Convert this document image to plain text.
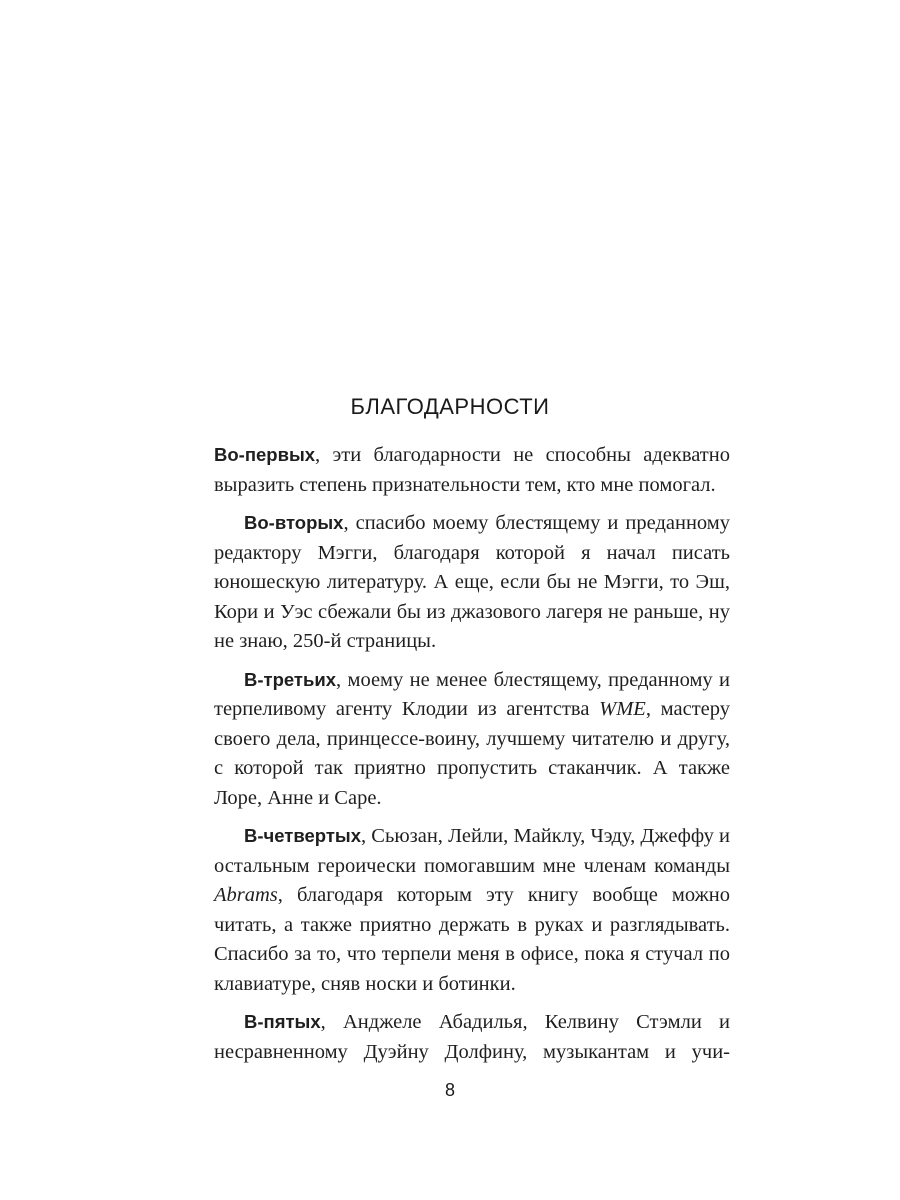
БЛАГОДАРНОСТИ

Во-первых, эти благодарности не способны адекватно выразить степень признательности тем, кто мне помогал.

Во-вторых, спасибо моему блестящему и преданному редактору Мэгги, благодаря которой я начал писать юношескую литературу. А еще, если бы не Мэгги, то Эш, Кори и Уэс сбежали бы из джазового лагеря не раньше, ну не знаю, 250-й страницы.

В-третьих, моему не менее блестящему, преданному и терпеливому агенту Клодии из агентства WME, мастеру своего дела, принцессе-воину, лучшему читателю и другу, с которой так приятно пропустить стаканчик. А также Лоре, Анне и Саре.

В-четвертых, Сьюзан, Лейли, Майклу, Чэду, Джеффу и остальным героически помогавшим мне членам команды Abrams, благодаря которым эту книгу вообще можно читать, а также приятно держать в руках и разглядывать. Спасибо за то, что терпели меня в офисе, пока я стучал по клавиатуре, сняв носки и ботинки.

В-пятых, Анджеле Абадилья, Келвину Стэмли и несравненному Дуэйну Долфину, музыкантам и учи-

8
